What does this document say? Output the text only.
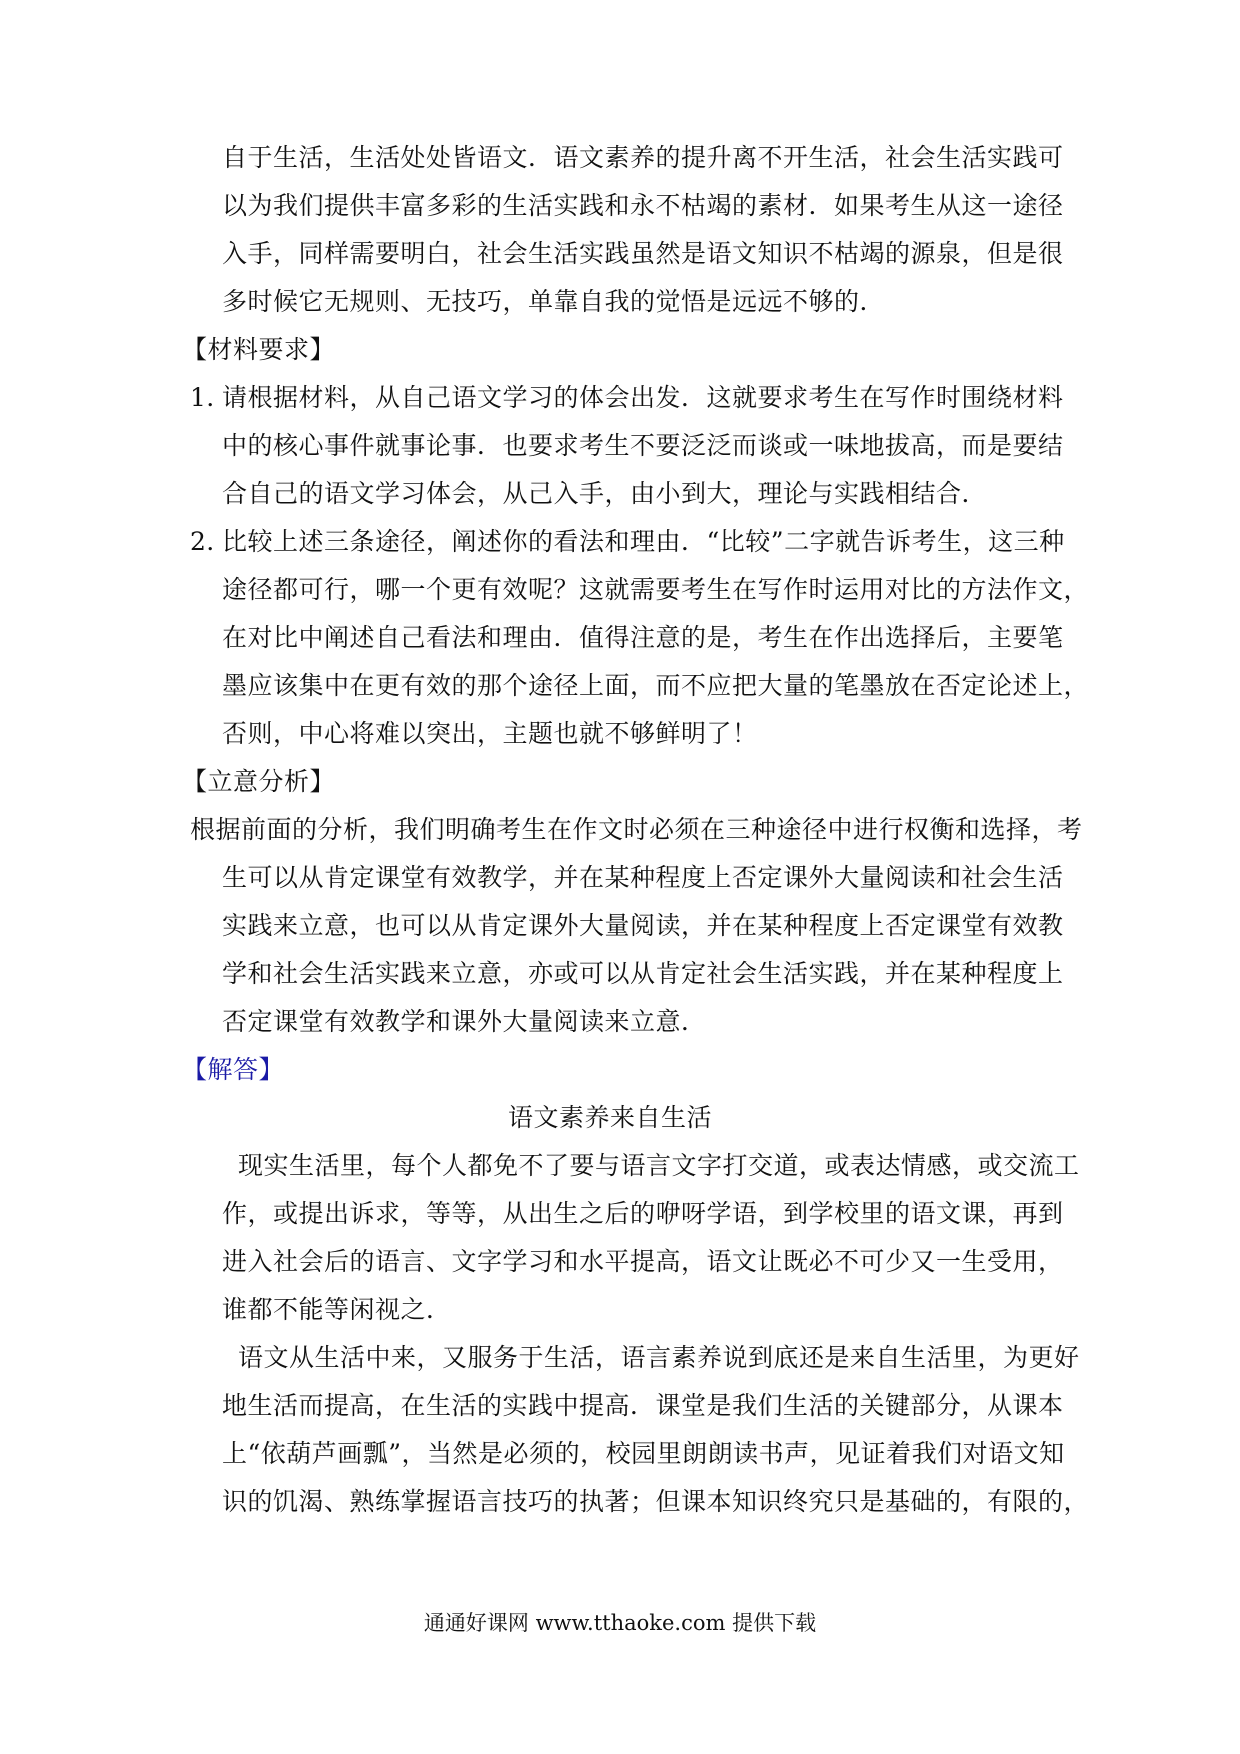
自于生活，生活处处皆语文．语文素养的提升离不开生活，社会生活实践可
以为我们提供丰富多彩的生活实践和永不枯竭的素材．如果考生从这一途径
入手，同样需要明白，社会生活实践虽然是语文知识不枯竭的源泉，但是很
多时候它无规则、无技巧，单靠自我的觉悟是远远不够的．
【材料要求】
1．
请根据材料，从自己语文学习的体会出发．这就要求考生在写作时围绕材料
中的核心事件就事论事．也要求考生不要泛泛而谈或一味地拔高，而是要结
合自己的语文学习体会，从己入手，由小到大，理论与实践相结合．
2．
比较上述三条途径，阐述你的看法和理由．“比较”二字就告诉考生，这三种
途径都可行，哪一个更有效呢？这就需要考生在写作时运用对比的方法作文，
在对比中阐述自己看法和理由．值得注意的是，考生在作出选择后，主要笔
墨应该集中在更有效的那个途径上面，而不应把大量的笔墨放在否定论述上，
否则，中心将难以突出，主题也就不够鲜明了！
【立意分析】
根据前面的分析，我们明确考生在作文时必须在三种途径中进行权衡和选择，考
生可以从肯定课堂有效教学，并在某种程度上否定课外大量阅读和社会生活
实践来立意，也可以从肯定课外大量阅读，并在某种程度上否定课堂有效教
学和社会生活实践来立意，亦或可以从肯定社会生活实践，并在某种程度上
否定课堂有效教学和课外大量阅读来立意．
【解答】
语文素养来自生活
现实生活里，每个人都免不了要与语言文字打交道，或表达情感，或交流工
作，或提出诉求，等等，从出生之后的咿呀学语，到学校里的语文课，再到
进入社会后的语言、文字学习和水平提高，语文让既必不可少又一生受用，
谁都不能等闲视之．
语文从生活中来，又服务于生活，语言素养说到底还是来自生活里，为更好
地生活而提高，在生活的实践中提高．课堂是我们生活的关键部分，从课本
上“依葫芦画瓢”，当然是必须的，校园里朗朗读书声，见证着我们对语文知
识的饥渴、熟练掌握语言技巧的执著；但课本知识终究只是基础的，有限的，
通通好课网 www.tthaoke.com 提供下载
